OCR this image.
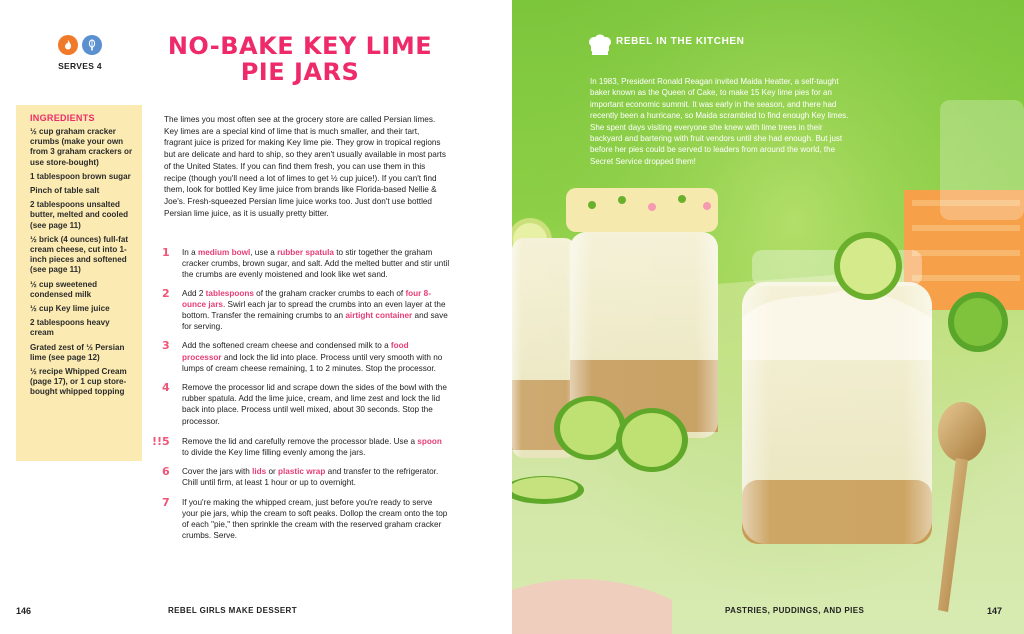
SERVES 4
NO-BAKE KEY LIME
PIE JARS
INGREDIENTS
½ cup graham cracker crumbs (make your own from 3 graham crackers or use store-bought)
1 tablespoon brown sugar
Pinch of table salt
2 tablespoons unsalted butter, melted and cooled (see page 11)
½ brick (4 ounces) full-fat cream cheese, cut into 1-inch pieces and softened (see page 11)
½ cup sweetened condensed milk
½ cup Key lime juice
2 tablespoons heavy cream
Grated zest of ½ Persian lime (see page 12)
½ recipe Whipped Cream (page 17), or 1 cup store-bought whipped topping

The limes you most often see at the grocery store are called Persian limes. Key limes are a special kind of lime that is much smaller, and their tart, fragrant juice is prized for making Key lime pie. They grow in tropical regions but are delicate and hard to ship, so they aren't usually available in most parts of the United States. If you can find them fresh, you can use them in this recipe (though you'll need a lot of limes to get ½ cup juice!). If you can't find them, look for bottled Key lime juice from brands like Florida-based Nellie & Joe's. Fresh-squeezed Persian lime juice works too. Just don't use bottled Persian lime juice, as it is usually pretty bitter.

1 In a medium bowl, use a rubber spatula to stir together the graham cracker crumbs, brown sugar, and salt. Add the melted butter and stir until the crumbs are evenly moistened and look like wet sand.
2 Add 2 tablespoons of the graham cracker crumbs to each of four 8-ounce jars. Swirl each jar to spread the crumbs into an even layer at the bottom. Transfer the remaining crumbs to an airtight container and save for serving.
3 Add the softened cream cheese and condensed milk to a food processor and lock the lid into place. Process until very smooth with no lumps of cream cheese remaining, 1 to 2 minutes. Stop the processor.
4 Remove the processor lid and scrape down the sides of the bowl with the rubber spatula. Add the lime juice, cream, and lime zest and lock the lid back into place. Process until well mixed, about 30 seconds. Stop the processor.
!!5 Remove the lid and carefully remove the processor blade. Use a spoon to divide the Key lime filling evenly among the jars.
6 Cover the jars with lids or plastic wrap and transfer to the refrigerator. Chill until firm, at least 1 hour or up to overnight.
7 If you're making the whipped cream, just before you're ready to serve your pie jars, whip the cream to soft peaks. Dollop the cream onto the top of each "pie," then sprinkle the cream with the reserved graham cracker crumbs. Serve.
146	REBEL GIRLS MAKE DESSERT
REBEL IN THE KITCHEN

In 1983, President Ronald Reagan invited Maida Heatter, a self-taught baker known as the Queen of Cake, to make 15 Key lime pies for an important economic summit. It was early in the season, and there had recently been a hurricane, so Maida scrambled to find enough Key limes. She spent days visiting everyone she knew with lime trees in their backyard and bartering with fruit vendors until she had enough. But just before her pies could be served to leaders from around the world, the Secret Service dropped them!

PASTRIES, PUDDINGS, AND PIES	147
